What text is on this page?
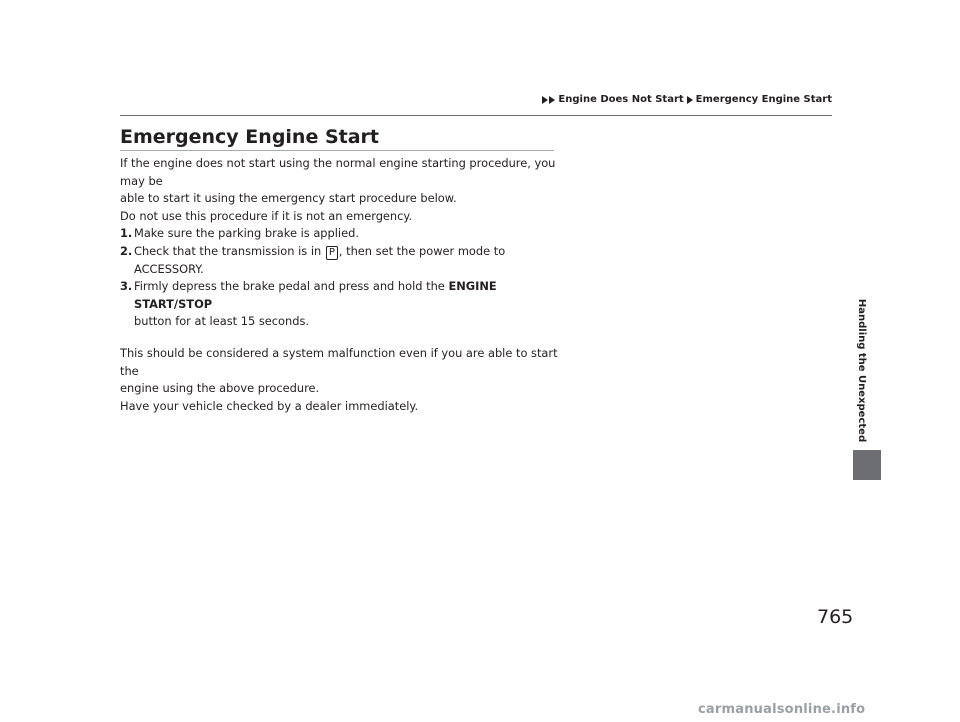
Engine Does Not Start Emergency Engine Start
Emergency Engine Start

If the engine does not start using the normal engine starting procedure, you may be

able to start it using the emergency start procedure below.

Do not use this procedure if it is not an emergency.

1. Make sure the parking brake is applied.
2. Check that the transmission is in P , then set the power mode to ACCESSORY.
3. Firmly depress the brake pedal and press and hold the ENGINE START/STOP
button for at least 15 seconds.

This should be considered a system malfunction even if you are able to start the

engine using the above procedure.

Have your vehicle checked by a dealer immediately.	Handling the Unexpected
765
carmanualsonline.info
